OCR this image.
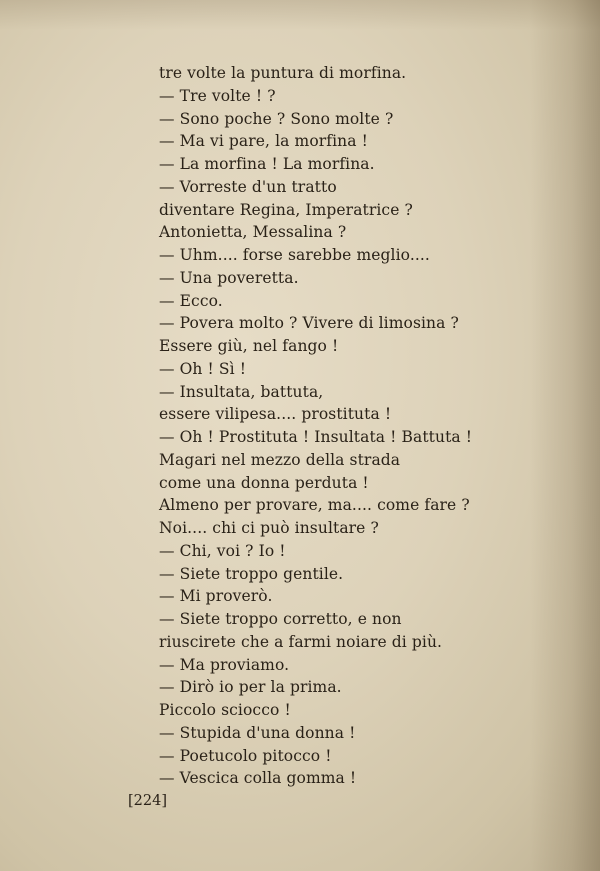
tre volte la puntura di morfina.
— Tre volte ! ?
— Sono poche ? Sono molte ?
— Ma vi pare, la morfina !
— La morfina ! La morfina.
— Vorreste d'un tratto
diventare Regina, Imperatrice ?
Antonietta, Messalina ?
— Uhm.... forse sarebbe meglio....
— Una poveretta.
— Ecco.
— Povera molto ? Vivere di limosina ?
Essere giù, nel fango !
— Oh ! Sì !
— Insultata, battuta,
essere vilipesa.... prostituta !
— Oh ! Prostituta ! Insultata ! Battuta !
Magari nel mezzo della strada
come una donna perduta !
Almeno per provare, ma.... come fare ?
Noi.... chi ci può insultare ?
— Chi, voi ? Io !
— Siete troppo gentile.
— Mi proverò.
— Siete troppo corretto, e non
riuscirete che a farmi noiare di più.
— Ma proviamo.
— Dirò io per la prima.
Piccolo sciocco !
— Stupida d'una donna !
— Poetucolo pitocco !
— Vescica colla gomma !
[224]
